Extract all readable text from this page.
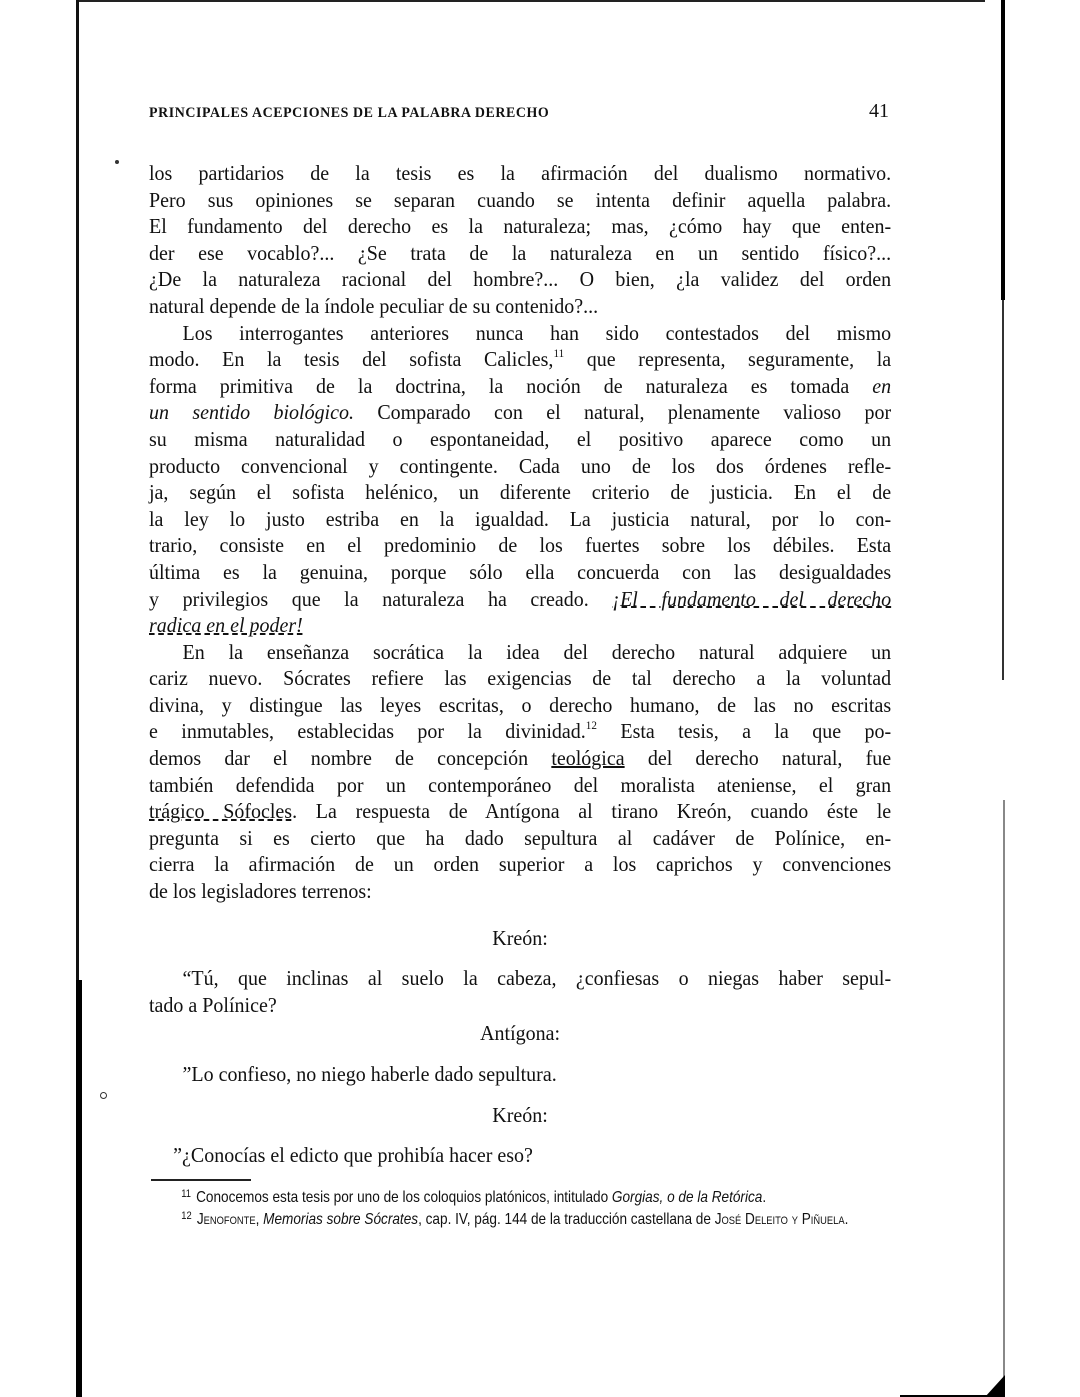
PRINCIPALES ACEPCIONES DE LA PALABRA DERECHO	41

los partidarios de la tesis es la afirmación del dualismo normativo.
Pero sus opiniones se separan cuando se intenta definir aquella palabra.
El fundamento del derecho es la naturaleza; mas, ¿cómo hay que enten-
der ese vocablo?... ¿Se trata de la naturaleza en un sentido físico?...
¿De la naturaleza racional del hombre?... O bien, ¿la validez del orden
natural depende de la índole peculiar de su contenido?...

Los interrogantes anteriores nunca han sido contestados del mismo
modo. En la tesis del sofista Calicles,$^{11}$ que representa, seguramente, la
forma primitiva de la doctrina, la noción de naturaleza es tomada en
un sentido biológico. Comparado con el natural, plenamente valioso por
su misma naturalidad o espontaneidad, el positivo aparece como un
producto convencional y contingente. Cada uno de los dos órdenes refle-
ja, según el sofista helénico, un diferente criterio de justicia. En el de
la ley lo justo estriba en la igualdad. La justicia natural, por lo con-
trario, consiste en el predominio de los fuertes sobre los débiles. Esta
última es la genuina, porque sólo ella concuerda con las desigualdades
y privilegios que la naturaleza ha creado. ¡El fundamento del derecho
radica en el poder!

En la enseñanza socrática la idea del derecho natural adquiere un
cariz nuevo. Sócrates refiere las exigencias de tal derecho a la voluntad
divina, y distingue las leyes escritas, o derecho humano, de las no escritas
e inmutables, establecidas por la divinidad.$^{12}$ Esta tesis, a la que po-
demos dar el nombre de concepción teológica del derecho natural, fue
también defendida por un contemporáneo del moralista ateniense, el gran
trágico Sófocles. La respuesta de Antígona al tirano Kreón, cuando éste le
pregunta si es cierto que ha dado sepultura al cadáver de Polínice, en-
cierra la afirmación de un orden superior a los caprichos y convenciones
de los legisladores terrenos:

Kreón:

“Tú, que inclinas al suelo la cabeza, ¿confiesas o niegas haber sepul-
tado a Polínice?

Antígona:

”Lo confieso, no niego haberle dado sepultura.

Kreón:

”¿Conocías el edicto que prohibía hacer eso?

$^{11}$ Conocemos esta tesis por uno de los coloquios platónicos, intitulado Gorgias, o de la Retórica.

$^{12}$ Jenofonte, Memorias sobre Sócrates, cap. IV, pág. 144 de la traducción castellana de José Deleito y Piñuela.
